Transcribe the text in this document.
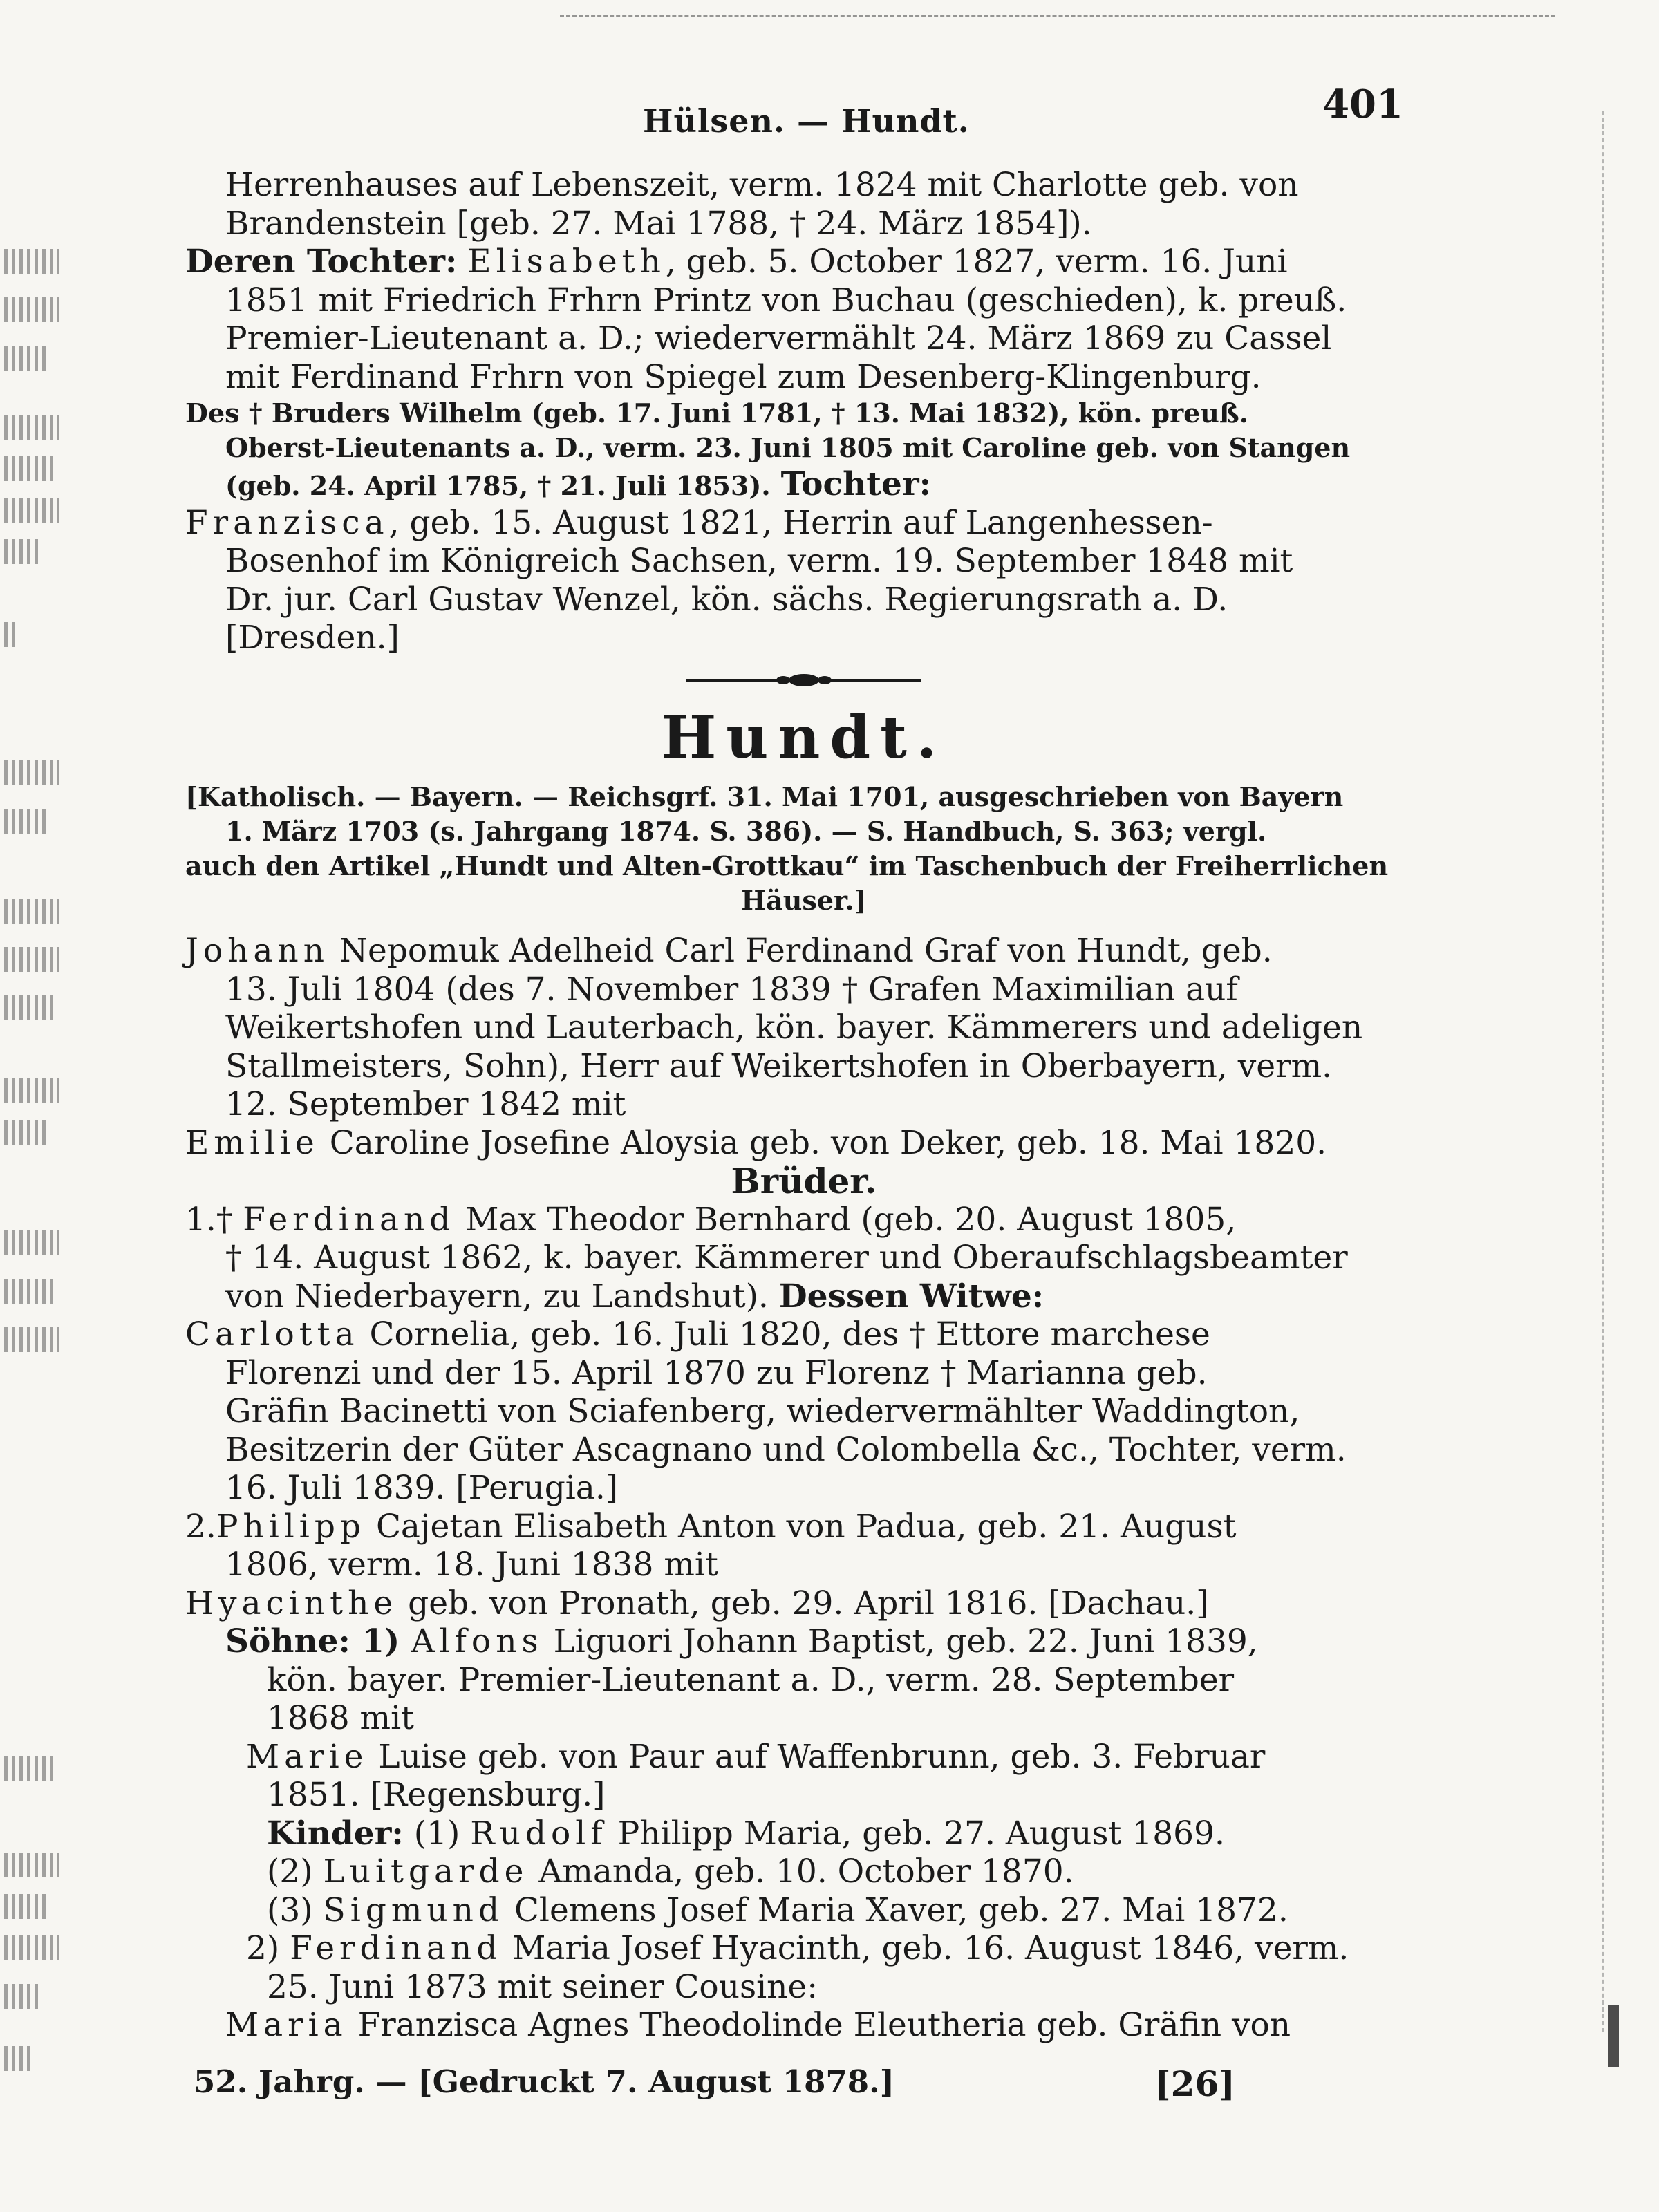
Hülsen. — Hundt.	401
Herrenhauses auf Lebenszeit, verm. 1824 mit Charlotte geb. von
Brandenstein [geb. 27. Mai 1788, † 24. März 1854]).
Deren Tochter: Elisabeth, geb. 5. October 1827, verm. 16. Juni
1851 mit Friedrich Frhrn Printz von Buchau (geschieden), k. preuß.
Premier-Lieutenant a. D.; wiedervermählt 24. März 1869 zu Cassel
mit Ferdinand Frhrn von Spiegel zum Desenberg-Klingenburg.
Des † Bruders Wilhelm (geb. 17. Juni 1781, † 13. Mai 1832), kön. preuß.
Oberst-Lieutenants a. D., verm. 23. Juni 1805 mit Caroline geb. von Stangen
(geb. 24. April 1785, † 21. Juli 1853). Tochter:
Franzisca, geb. 15. August 1821, Herrin auf Langenhessen-
Bosenhof im Königreich Sachsen, verm. 19. September 1848 mit
Dr. jur. Carl Gustav Wenzel, kön. sächs. Regierungsrath a. D.
[Dresden.]
Hundt.
[Katholisch. — Bayern. — Reichsgrf. 31. Mai 1701, ausgeschrieben von Bayern
1. März 1703 (s. Jahrgang 1874. S. 386). — S. Handbuch, S. 363; vergl.
auch den Artikel „Hundt und Alten-Grottkau“ im Taschenbuch der Freiherrlichen
Häuser.]
Johann Nepomuk Adelheid Carl Ferdinand Graf von Hundt, geb.
13. Juli 1804 (des 7. November 1839 † Grafen Maximilian auf
Weikertshofen und Lauterbach, kön. bayer. Kämmerers und adeligen
Stallmeisters, Sohn), Herr auf Weikertshofen in Oberbayern, verm.
12. September 1842 mit
Emilie Caroline Josefine Aloysia geb. von Deker, geb. 18. Mai 1820.
Brüder.
1.† Ferdinand Max Theodor Bernhard (geb. 20. August 1805,
† 14. August 1862, k. bayer. Kämmerer und Oberaufschlagsbeamter
von Niederbayern, zu Landshut). Dessen Witwe:
Carlotta Cornelia, geb. 16. Juli 1820, des † Ettore marchese
Florenzi und der 15. April 1870 zu Florenz † Marianna geb.
Gräfin Bacinetti von Sciafenberg, wiedervermählter Waddington,
Besitzerin der Güter Ascagnano und Colombella &c., Tochter, verm.
16. Juli 1839. [Perugia.]
2.Philipp Cajetan Elisabeth Anton von Padua, geb. 21. August
1806, verm. 18. Juni 1838 mit
Hyacinthe geb. von Pronath, geb. 29. April 1816. [Dachau.]
Söhne: 1) Alfons Liguori Johann Baptist, geb. 22. Juni 1839,
kön. bayer. Premier-Lieutenant a. D., verm. 28. September
1868 mit
Marie Luise geb. von Paur auf Waffenbrunn, geb. 3. Februar
1851. [Regensburg.]
Kinder: (1) Rudolf Philipp Maria, geb. 27. August 1869.
(2) Luitgarde Amanda, geb. 10. October 1870.
(3) Sigmund Clemens Josef Maria Xaver, geb. 27. Mai 1872.
2) Ferdinand Maria Josef Hyacinth, geb. 16. August 1846, verm.
25. Juni 1873 mit seiner Cousine:
Maria Franzisca Agnes Theodolinde Eleutheria geb. Gräfin von
52. Jahrg. — [Gedruckt 7. August 1878.]	[26]
